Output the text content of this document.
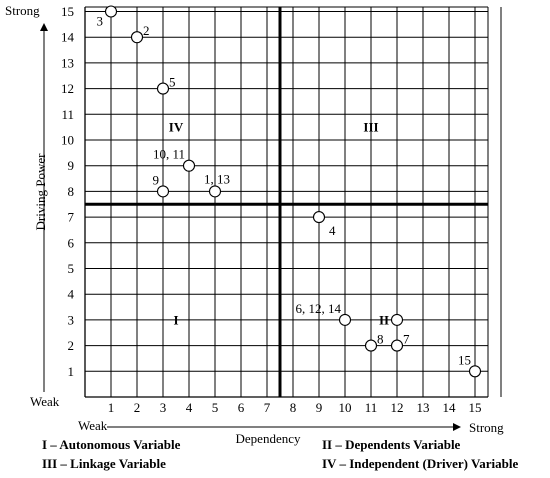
1 2 3 4 5 6 7 8 9 10 11 12 13 14 15
1
2
3
4
5
6
7
8
9
10
11
12
13
14
15
I	II
III
IV
3
2
5
10, 11
9	1, 13
4
6, 12, 14
8 7
15
Dependency
Driving Power
Weak	Strong
Weak
Strong
I – Autonomous Variable
III – Linkage Variable
II – Dependents Variable
IV – Independent (Driver) Variable
